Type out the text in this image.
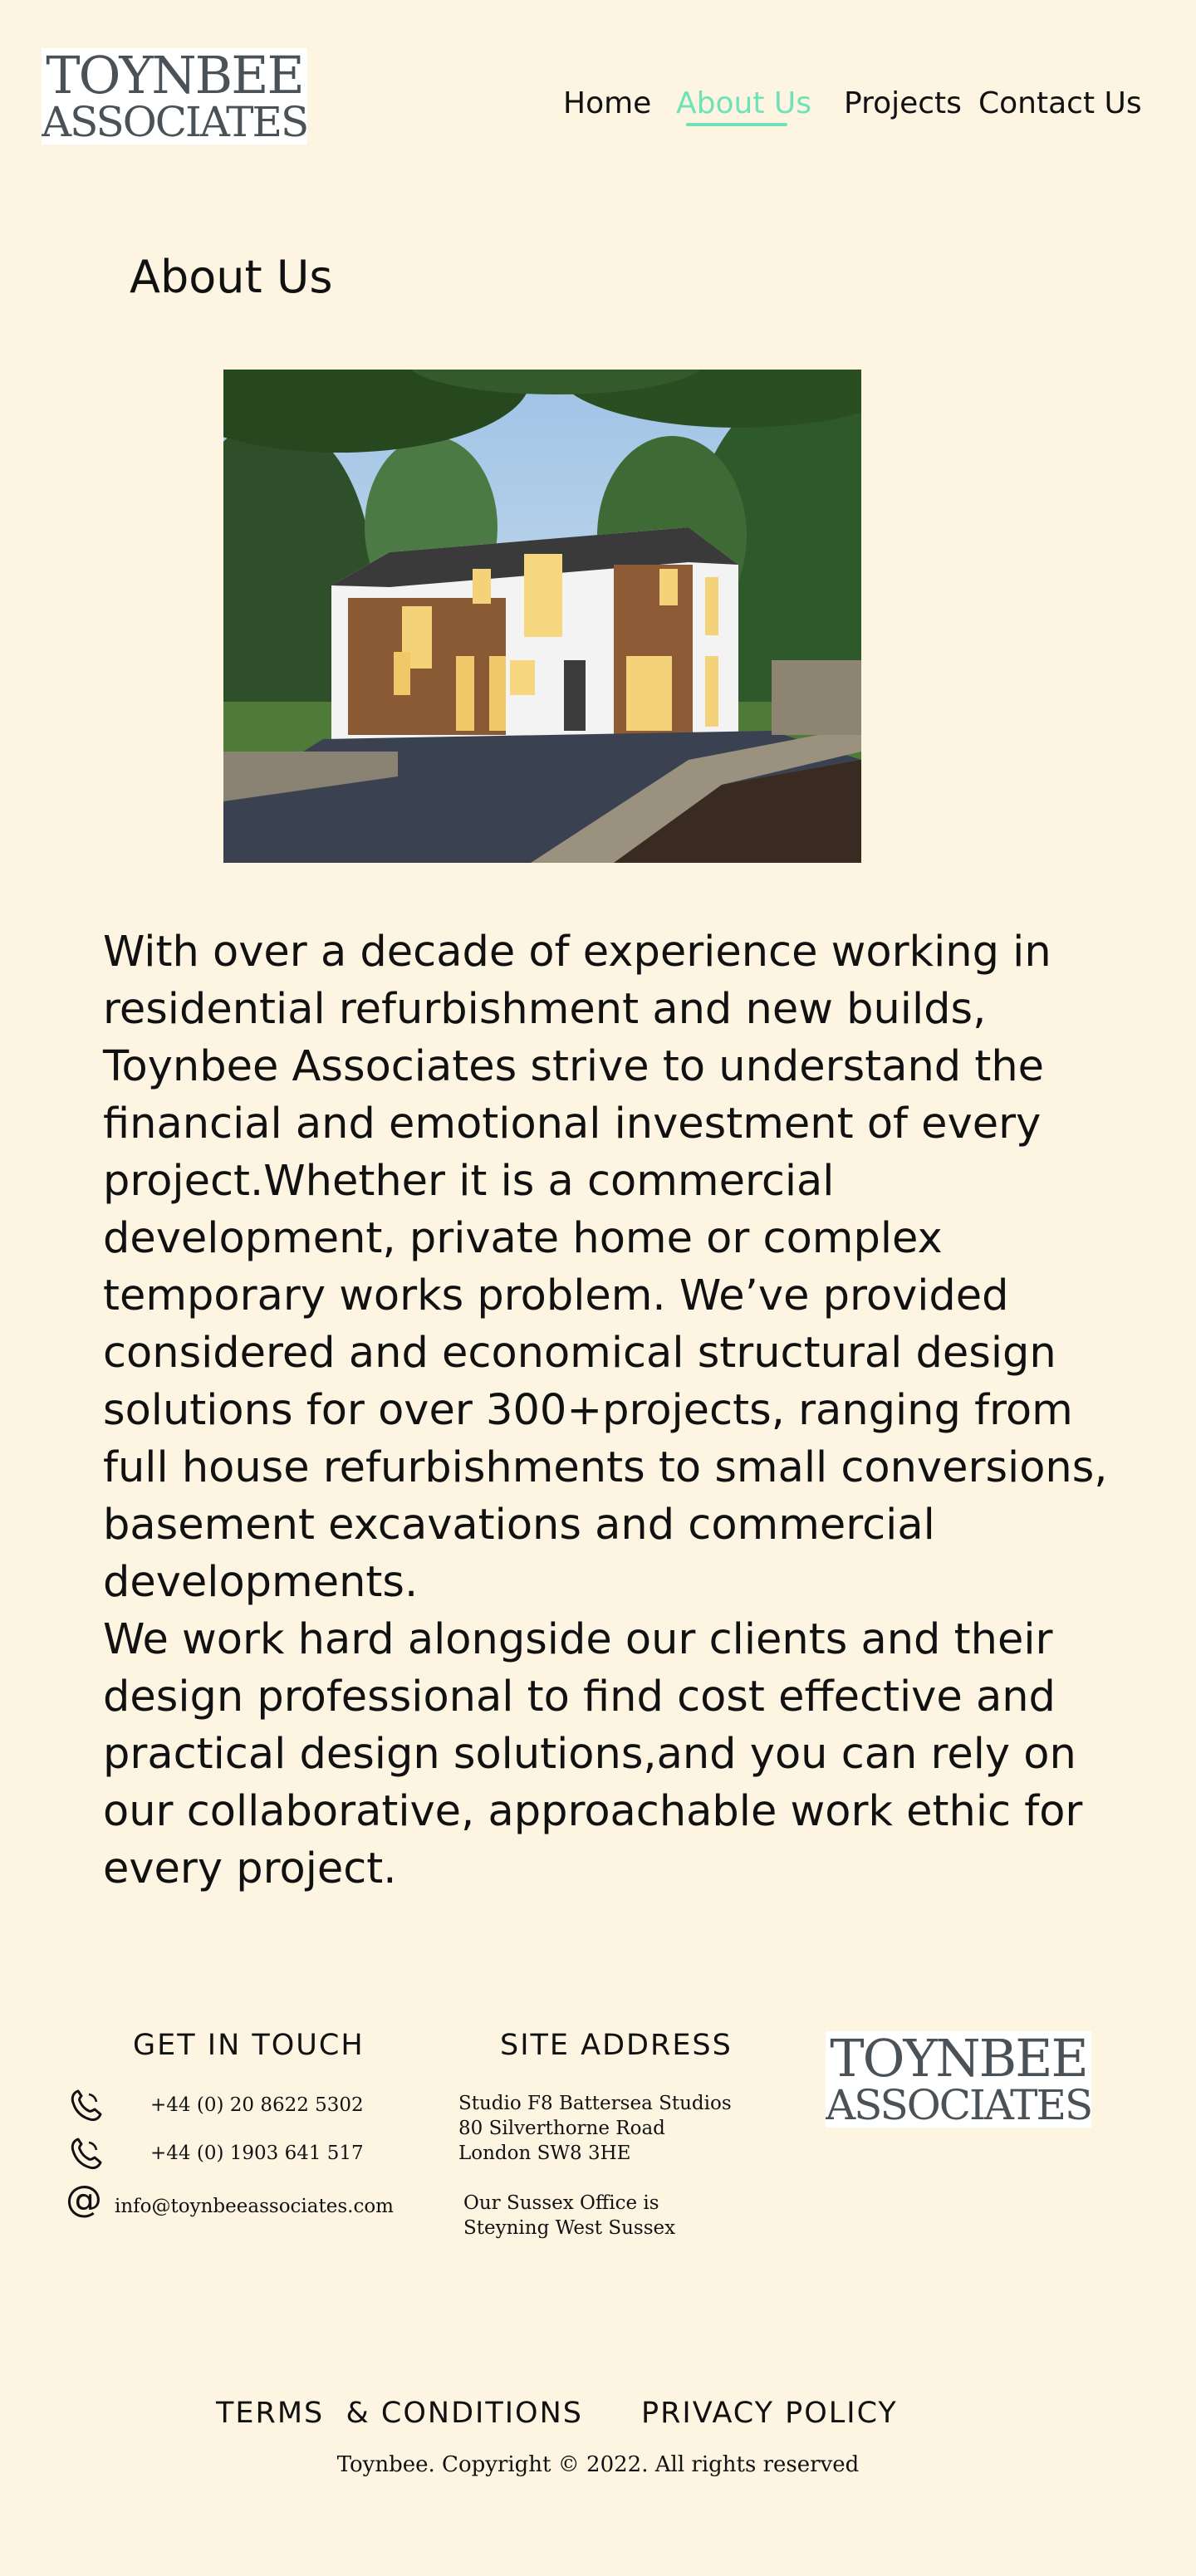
TOYNBEE
ASSOCIATES	Home About Us Projects Contact Us
About Us

With over a decade of experience working in residential refurbishment and new builds, Toynbee Associates strive to understand the financial and emotional investment of every project.Whether it is a commercial development, private home or complex temporary works problem. We’ve provided considered and economical structural design solutions for over 300+projects, ranging from full house refurbishments to small conversions, basement excavations and commercial developments.

We work hard alongside our clients and their design professional to find cost effective and practical design solutions,and you can rely on our collaborative, approachable work ethic for every project.

GET IN TOUCH
+44 (0) 20 8622 5302
+44 (0) 1903 641 517
@ info@toynbeeassociates.com
SITE ADDRESS
Studio F8 Battersea Studios
80 Silverthorne Road
London SW8 3HE
Our Sussex Office is
Steyning West Sussex
TOYNBEE
ASSOCIATES
TERMS  & CONDITIONS PRIVACY POLICY
Toynbee. Copyright © 2022. All rights reserved
